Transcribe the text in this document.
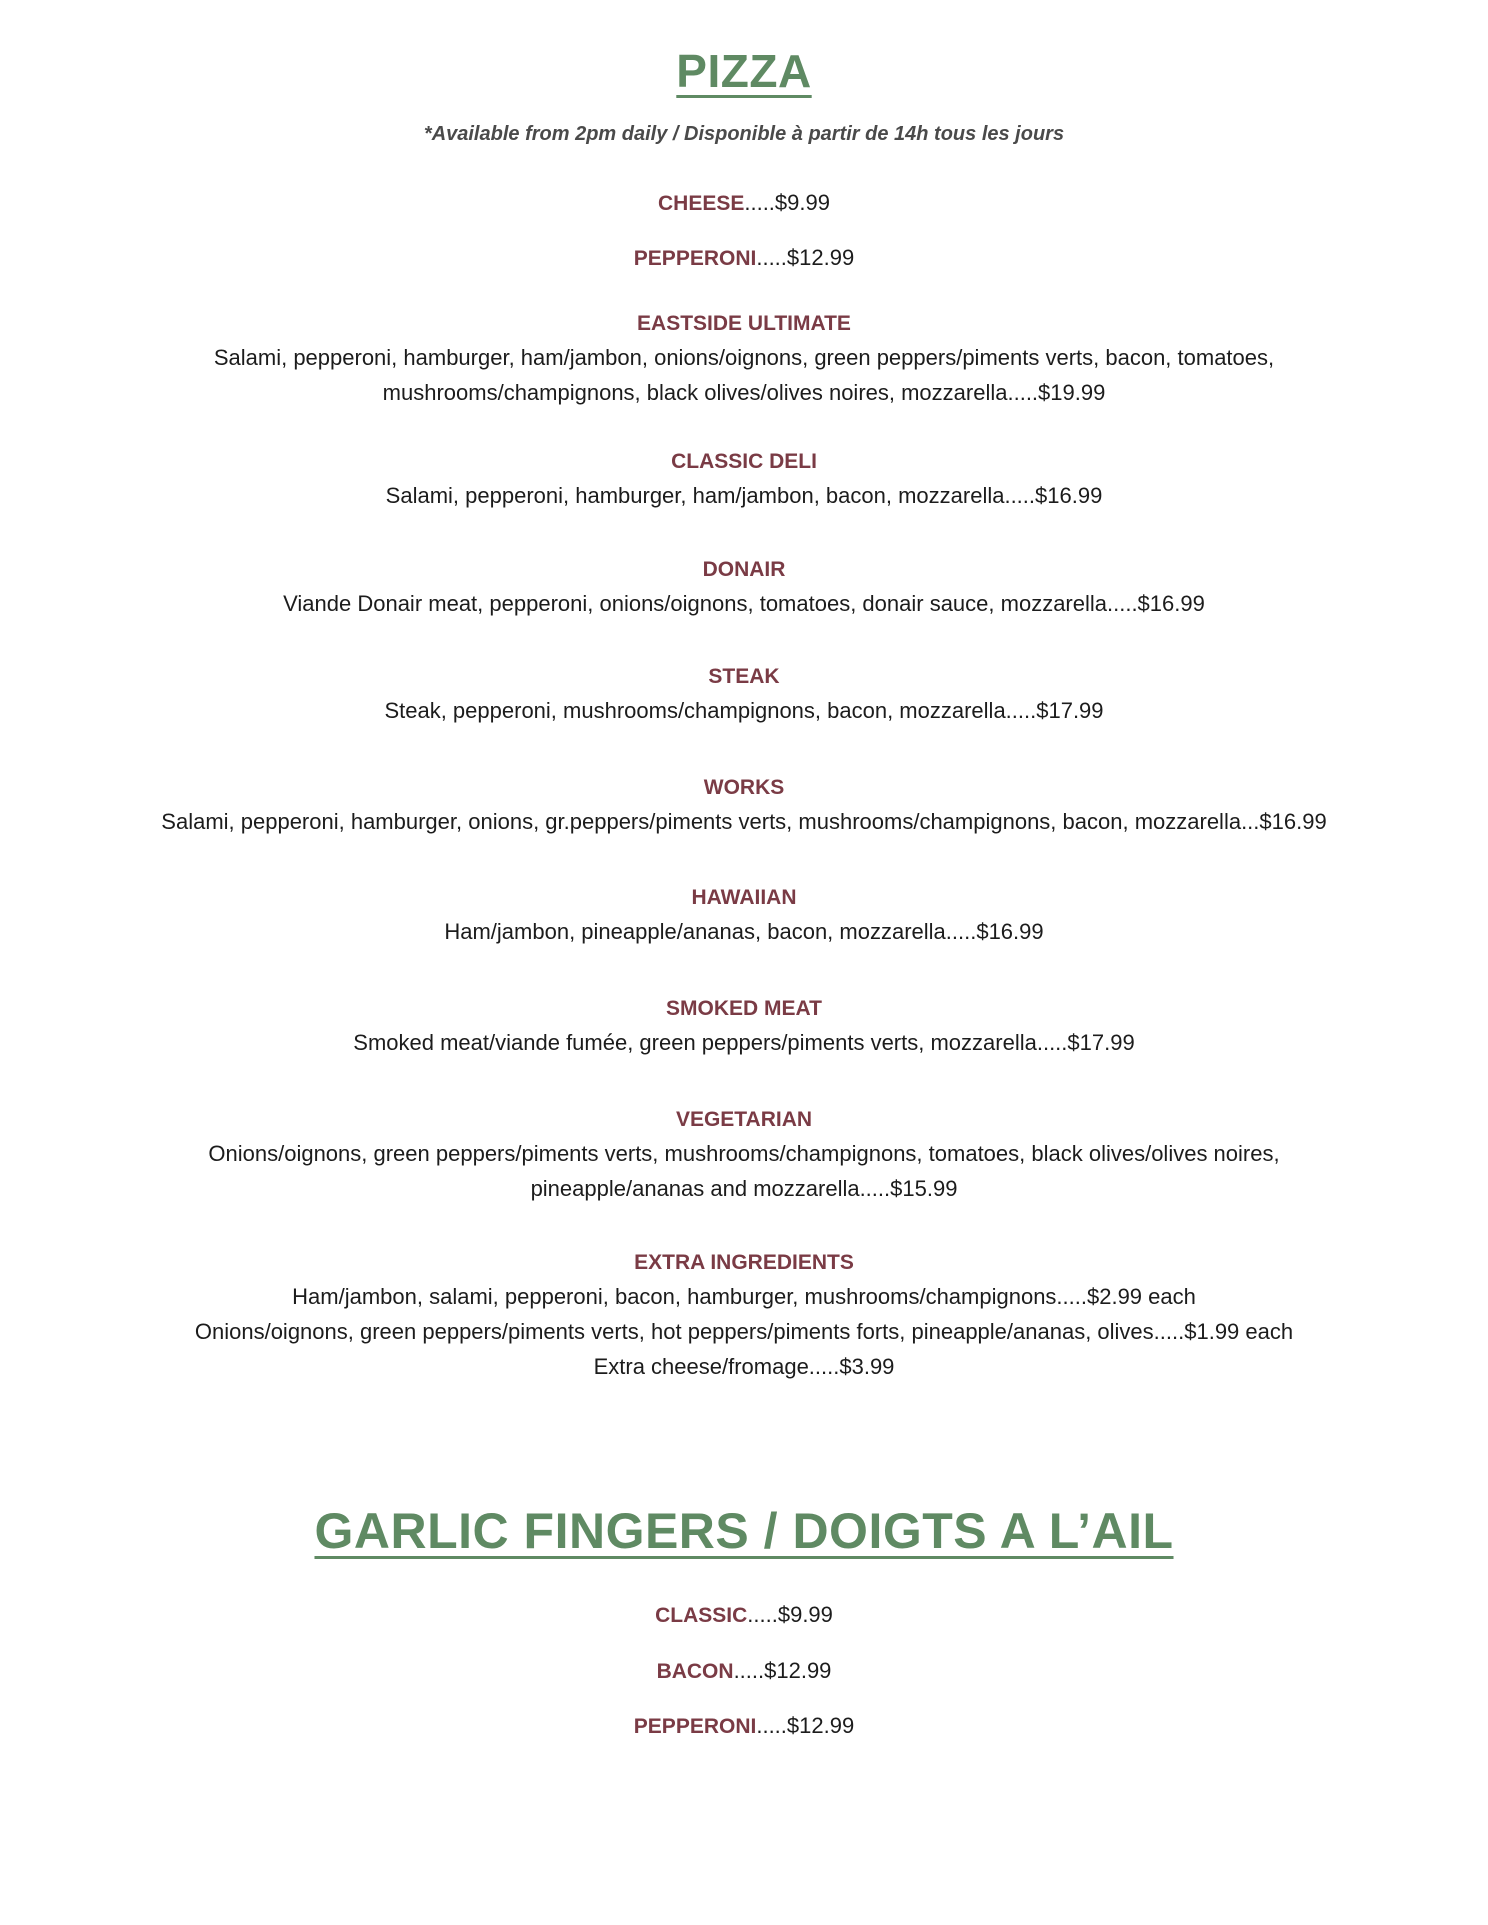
PIZZA
*Available from 2pm daily / Disponible à partir de 14h tous les jours
CHEESE.....$9.99
PEPPERONI.....$12.99
EASTSIDE ULTIMATE
Salami, pepperoni, hamburger, ham/jambon, onions/oignons, green peppers/piments verts, bacon, tomatoes,
mushrooms/champignons, black olives/olives noires, mozzarella.....$19.99
CLASSIC DELI
Salami, pepperoni, hamburger, ham/jambon, bacon, mozzarella.....$16.99
DONAIR
Viande Donair meat, pepperoni, onions/oignons, tomatoes, donair sauce, mozzarella.....$16.99
STEAK
Steak, pepperoni, mushrooms/champignons, bacon, mozzarella.....$17.99
WORKS
Salami, pepperoni, hamburger, onions, gr.peppers/piments verts, mushrooms/champignons, bacon, mozzarella...$16.99
HAWAIIAN
Ham/jambon, pineapple/ananas, bacon, mozzarella.....$16.99
SMOKED MEAT
Smoked meat/viande fumée, green peppers/piments verts, mozzarella.....$17.99
VEGETARIAN
Onions/oignons, green peppers/piments verts, mushrooms/champignons, tomatoes, black olives/olives noires,
pineapple/ananas and mozzarella.....$15.99
EXTRA INGREDIENTS
Ham/jambon, salami, pepperoni, bacon, hamburger, mushrooms/champignons.....$2.99 each
Onions/oignons, green peppers/piments verts, hot peppers/piments forts, pineapple/ananas, olives.....$1.99 each
Extra cheese/fromage.....$3.99
GARLIC FINGERS / DOIGTS A L’AIL
CLASSIC.....$9.99
BACON.....$12.99
PEPPERONI.....$12.99
